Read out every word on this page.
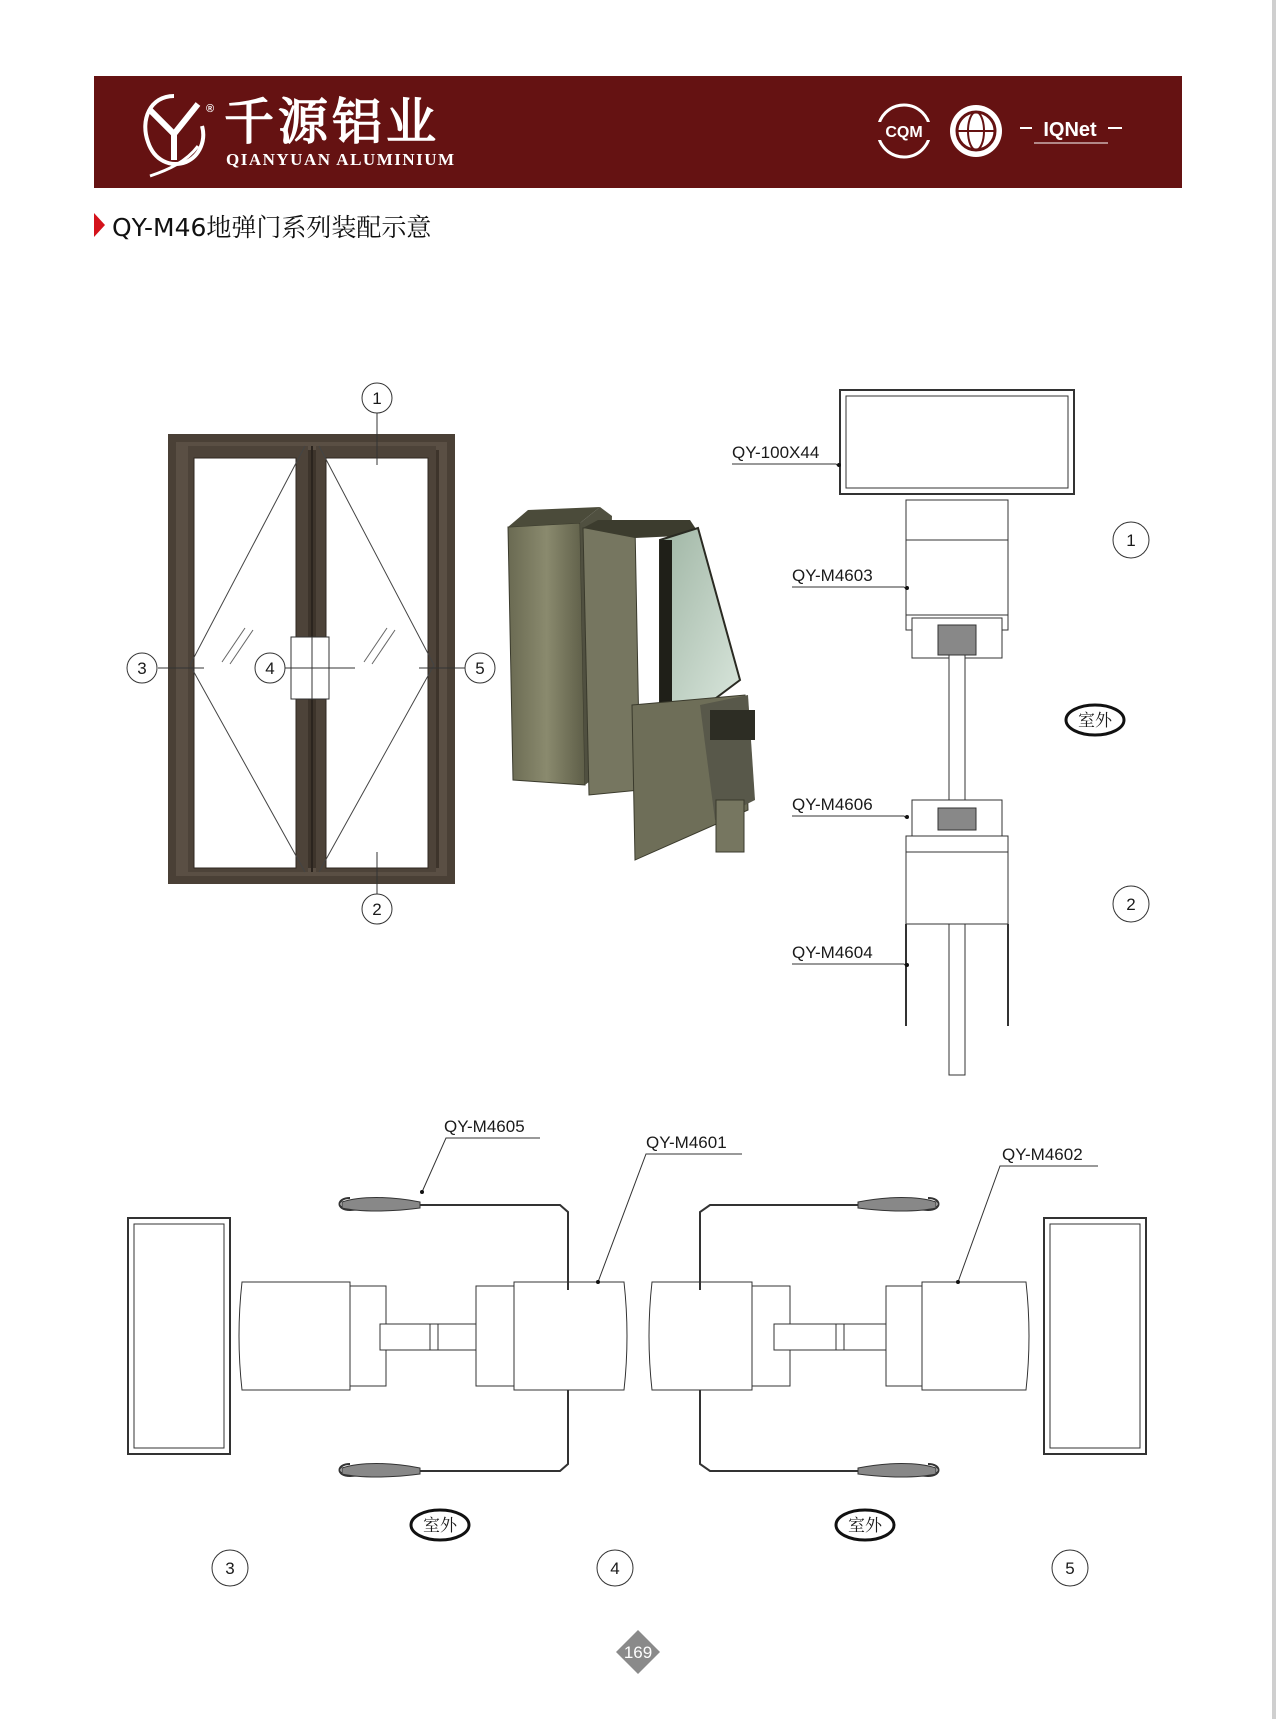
®
CQM	IQNet
千源铝业
QIANYUAN ALUMINIUM
QY-M46地弹门系列装配示意
1
2
3	4	5
QY-100X44
QY-M4603
QY-M4606
QY-M4604
1
2
室外
QY-M4605
QY-M4601
QY-M4602
室外	室外
3	4	5
169
